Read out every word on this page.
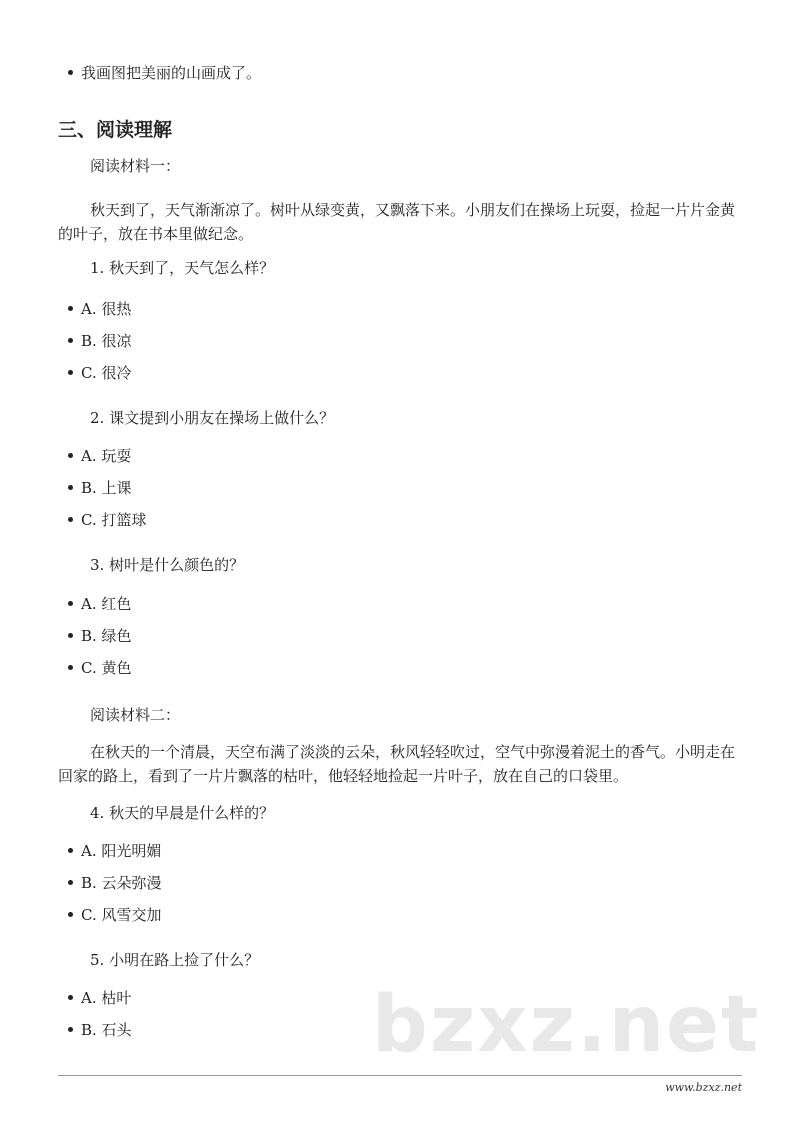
我画图把美丽的山画成了。
三、阅读理解
阅读材料一：
秋天到了，天气渐渐凉了。树叶从绿变黄，又飘落下来。小朋友们在操场上玩耍，捡起一片片金黄的叶子，放在书本里做纪念。
1. 秋天到了，天气怎么样？
A. 很热
B. 很凉
C. 很冷
2. 课文提到小朋友在操场上做什么？
A. 玩耍
B. 上课
C. 打篮球
3. 树叶是什么颜色的？
A. 红色
B. 绿色
C. 黄色
阅读材料二：
在秋天的一个清晨，天空布满了淡淡的云朵，秋风轻轻吹过，空气中弥漫着泥土的香气。小明走在回家的路上，看到了一片片飘落的枯叶，他轻轻地捡起一片叶子，放在自己的口袋里。
4. 秋天的早晨是什么样的？
A. 阳光明媚
B. 云朵弥漫
C. 风雪交加
5. 小明在路上捡了什么？
A. 枯叶
B. 石头	bzxz.net
www.bzxz.net
